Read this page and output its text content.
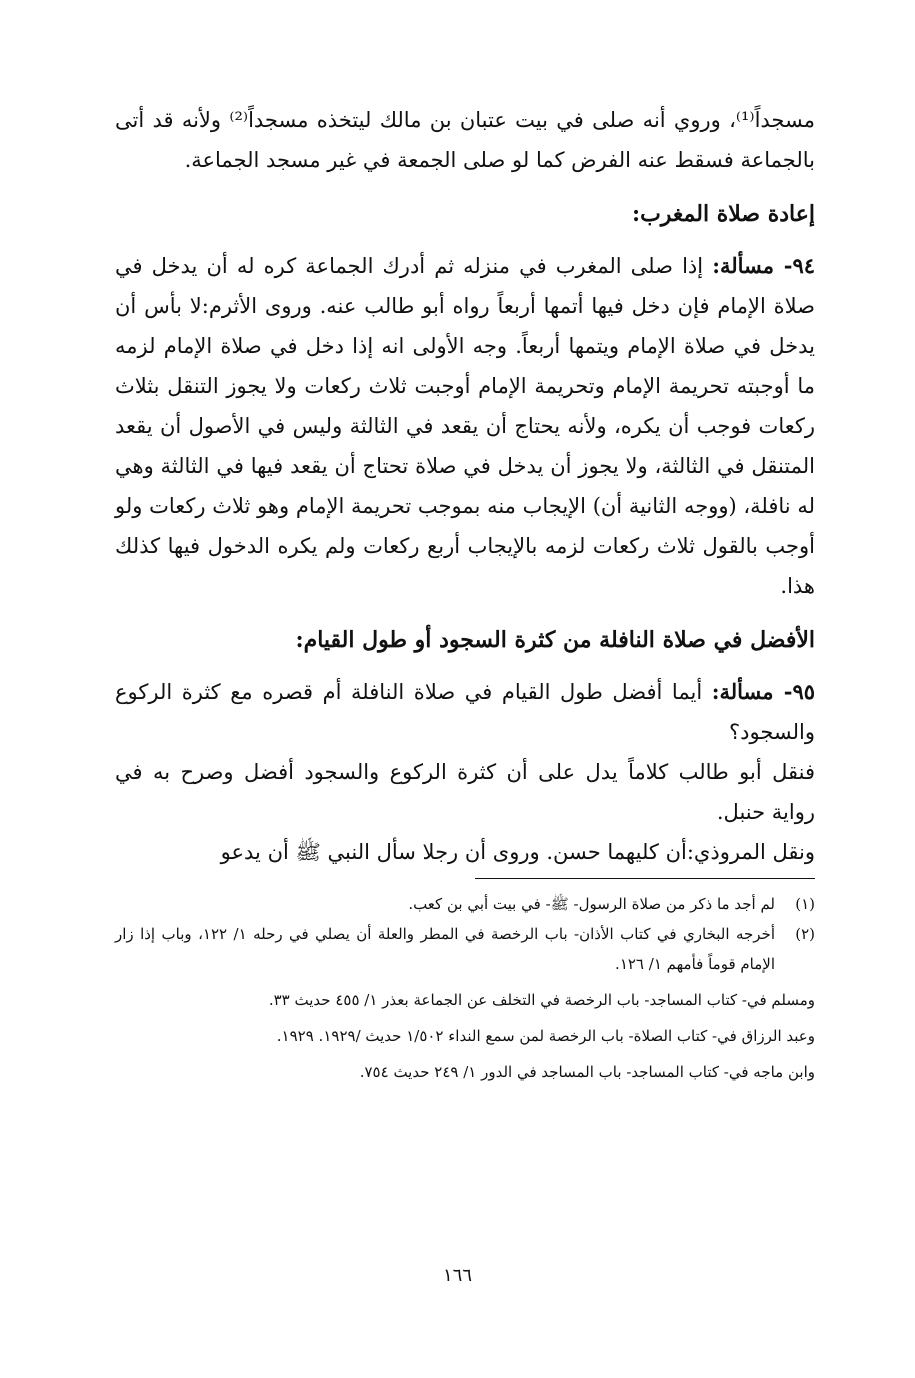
مسجداً⁽¹⁾، وروي أنه صلى في بيت عتبان بن مالك ليتخذه مسجداً⁽²⁾ ولأنه قد أتى بالجماعة فسقط عنه الفرض كما لو صلى الجمعة في غير مسجد الجماعة.

إعادة صلاة المغرب:

٩٤- مسألة: إذا صلى المغرب في منزله ثم أدرك الجماعة كره له أن يدخل في صلاة الإمام فإن دخل فيها أتمها أربعاً رواه أبو طالب عنه. وروى الأثرم:لا بأس أن يدخل في صلاة الإمام ويتمها أربعاً. وجه الأولى انه إذا دخل في صلاة الإمام لزمه ما أوجبته تحريمة الإمام وتحريمة الإمام أوجبت ثلاث ركعات ولا يجوز التنقل بثلاث ركعات فوجب أن يكره، ولأنه يحتاج أن يقعد في الثالثة وليس في الأصول أن يقعد المتنقل في الثالثة، ولا يجوز أن يدخل في صلاة تحتاج أن يقعد فيها في الثالثة وهي له نافلة، (ووجه الثانية أن) الإيجاب منه بموجب تحريمة الإمام وهو ثلاث ركعات ولو أوجب بالقول ثلاث ركعات لزمه بالإيجاب أربع ركعات ولم يكره الدخول فيها كذلك هذا.

الأفضل في صلاة النافلة من كثرة السجود أو طول القيام:

٩٥- مسألة: أيما أفضل طول القيام في صلاة النافلة أم قصره مع كثرة الركوع والسجود؟

فنقل أبو طالب كلاماً يدل على أن كثرة الركوع والسجود أفضل وصرح به في رواية حنبل.

ونقل المروذي:أن كليهما حسن. وروى أن رجلا سأل النبي ﷺ أن يدعو

(١)
لم أجد ما ذكر من صلاة الرسول- ﷺ- في بيت أبي بن كعب.
(٢)
أخرجه البخاري في كتاب الأذان- باب الرخصة في المطر والعلة أن يصلي في رحله ١/ ١٢٢، وباب إذا زار الإمام قوماً فأمهم ١/ ١٢٦.

ومسلم في- كتاب المساجد- باب الرخصة في التخلف عن الجماعة بعذر ١/ ٤٥٥ حديث ٣٣.

وعبد الرزاق في- كتاب الصلاة- باب الرخصة لمن سمع النداء ١/٥٠٢ حديث /١٩٢٩. ١٩٢٩.

وابن ماجه في- كتاب المساجد- باب المساجد في الدور ١/ ٢٤٩ حديث ٧٥٤.

١٦٦
